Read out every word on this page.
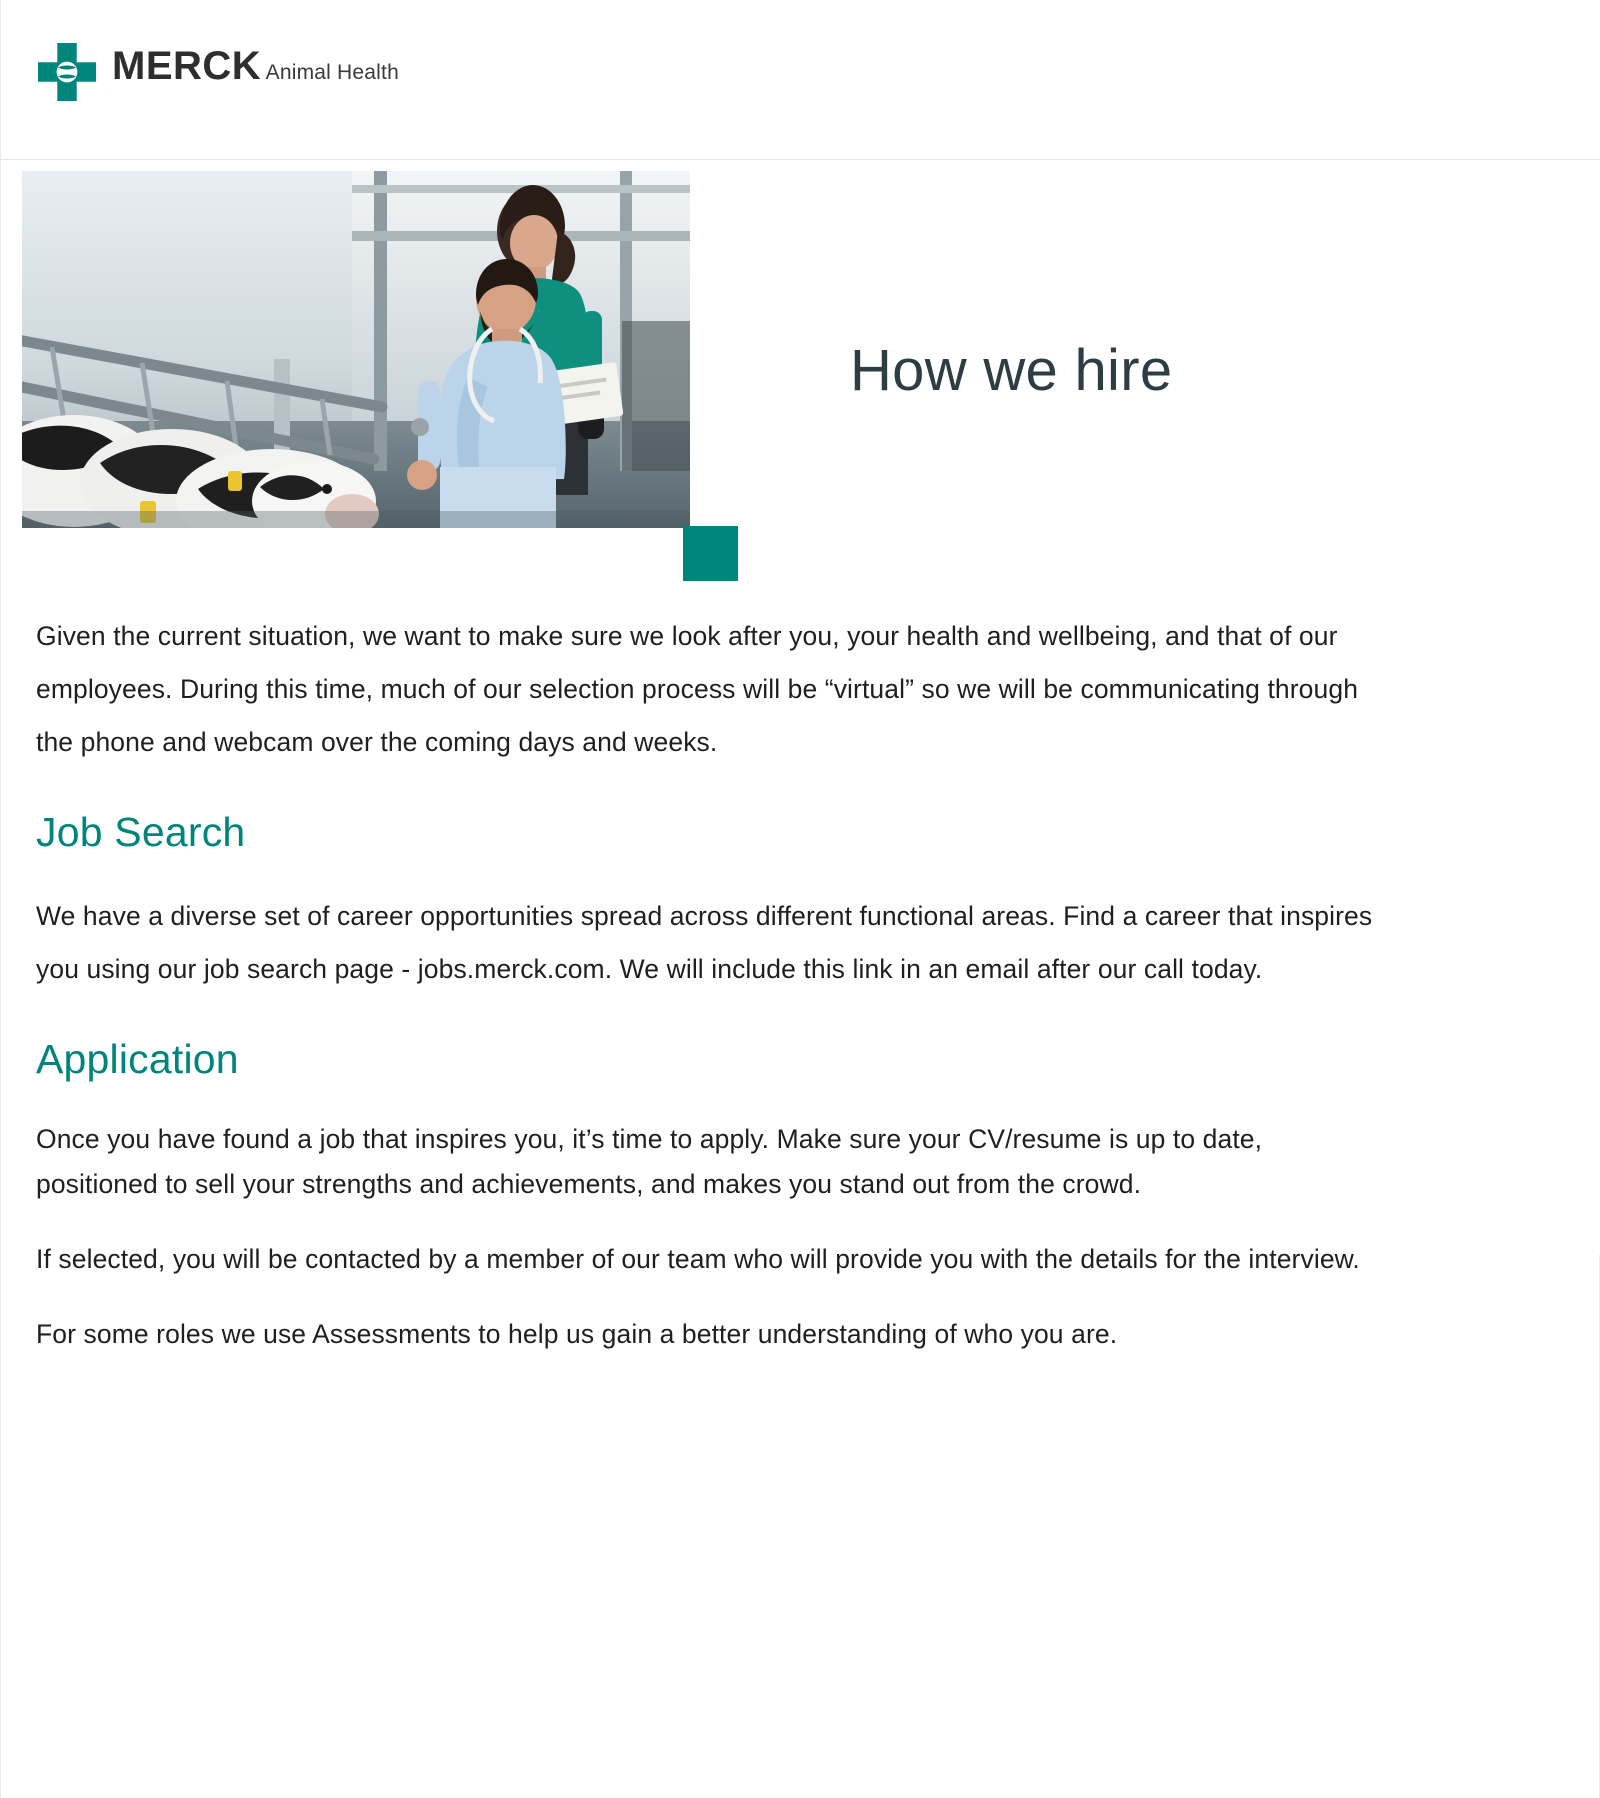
MERCK Animal Health
How we hire

Given the current situation, we want to make sure we look after you, your health and wellbeing, and that of our employees. During this time, much of our selection process will be “virtual” so we will be communicating through the phone and webcam over the coming days and weeks.

Job Search

We have a diverse set of career opportunities spread across different functional areas. Find a career that inspires you using our job search page - jobs.merck.com. We will include this link in an email after our call today.

Application

Once you have found a job that inspires you, it’s time to apply. Make sure your CV/resume is up to date, positioned to sell your strengths and achievements, and makes you stand out from the crowd.

If selected, you will be contacted by a member of our team who will provide you with the details for the interview.

For some roles we use Assessments to help us gain a better understanding of who you are.
